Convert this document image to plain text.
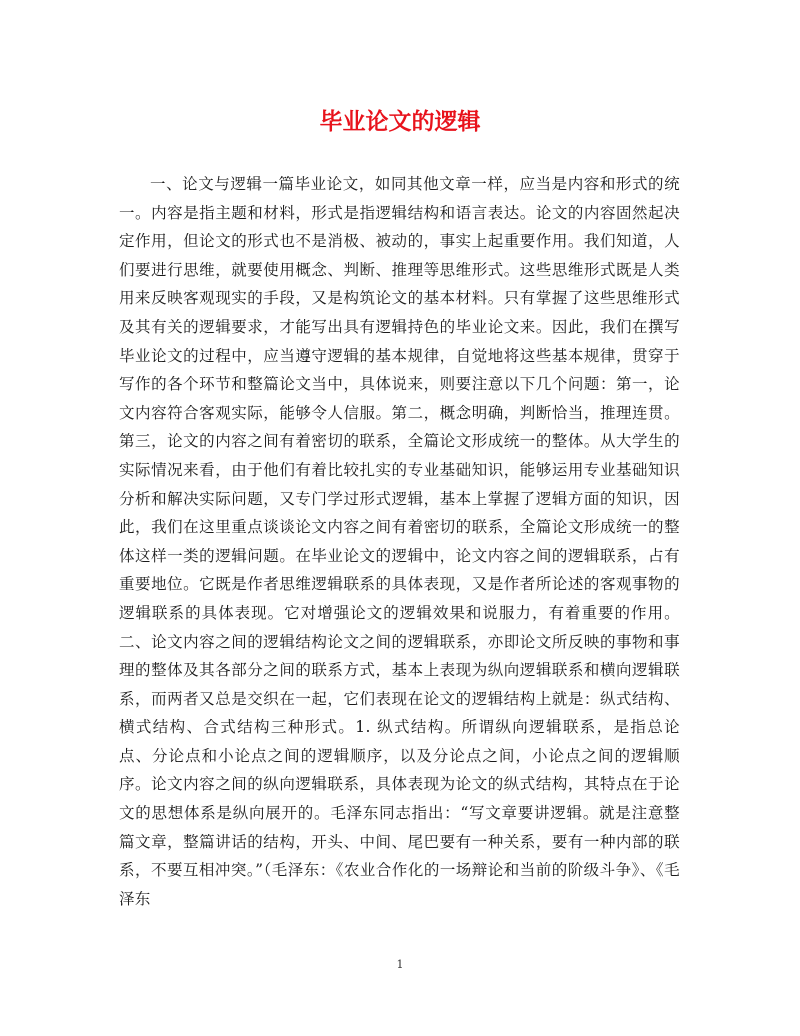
毕业论文的逻辑

一、论文与逻辑一篇毕业论文，如同其他文章一样，应当是内容和形式的统一。内容是指主题和材料，形式是指逻辑结构和语言表达。论文的内容固然起决定作用，但论文的形式也不是消极、被动的，事实上起重要作用。我们知道，人们要进行思维，就要使用概念、判断、推理等思维形式。这些思维形式既是人类用来反映客观现实的手段，又是构筑论文的基本材料。只有掌握了这些思维形式及其有关的逻辑要求，才能写出具有逻辑持色的毕业论文来。因此，我们在撰写毕业论文的过程中，应当遵守逻辑的基本规律，自觉地将这些基本规律，贯穿于写作的各个环节和整篇论文当中，具体说来，则要注意以下几个问题：第一，论文内容符合客观实际，能够令人信服。第二，概念明确，判断恰当，推理连贯。第三，论文的内容之间有着密切的联系，全篇论文形成统一的整体。从大学生的实际情况来看，由于他们有着比较扎实的专业基础知识，能够运用专业基础知识分析和解决实际问题，又专门学过形式逻辑，基本上掌握了逻辑方面的知识，因此，我们在这里重点谈谈论文内容之间有着密切的联系，全篇论文形成统一的整体这样一类的逻辑问题。在毕业论文的逻辑中，论文内容之间的逻辑联系，占有重要地位。它既是作者思维逻辑联系的具体表现，又是作者所论述的客观事物的逻辑联系的具体表现。它对增强论文的逻辑效果和说服力，有着重要的作用。二、论文内容之间的逻辑结构论文之间的逻辑联系，亦即论文所反映的事物和事理的整体及其各部分之间的联系方式，基本上表现为纵向逻辑联系和横向逻辑联系，而两者又总是交织在一起，它们表现在论文的逻辑结构上就是：纵式结构、横式结构、合式结构三种形式。1. 纵式结构。所谓纵向逻辑联系，是指总论点、分论点和小论点之间的逻辑顺序，以及分论点之间，小论点之间的逻辑顺序。论文内容之间的纵向逻辑联系，具体表现为论文的纵式结构，其特点在于论文的思想体系是纵向展开的。毛泽东同志指出：“写文章要讲逻辑。就是注意整篇文章，整篇讲话的结构，开头、中间、尾巴要有一种关系，要有一种内部的联系，不要互相冲突。”（毛泽东：《农业合作化的一场辩论和当前的阶级斗争》、《毛泽东

1
